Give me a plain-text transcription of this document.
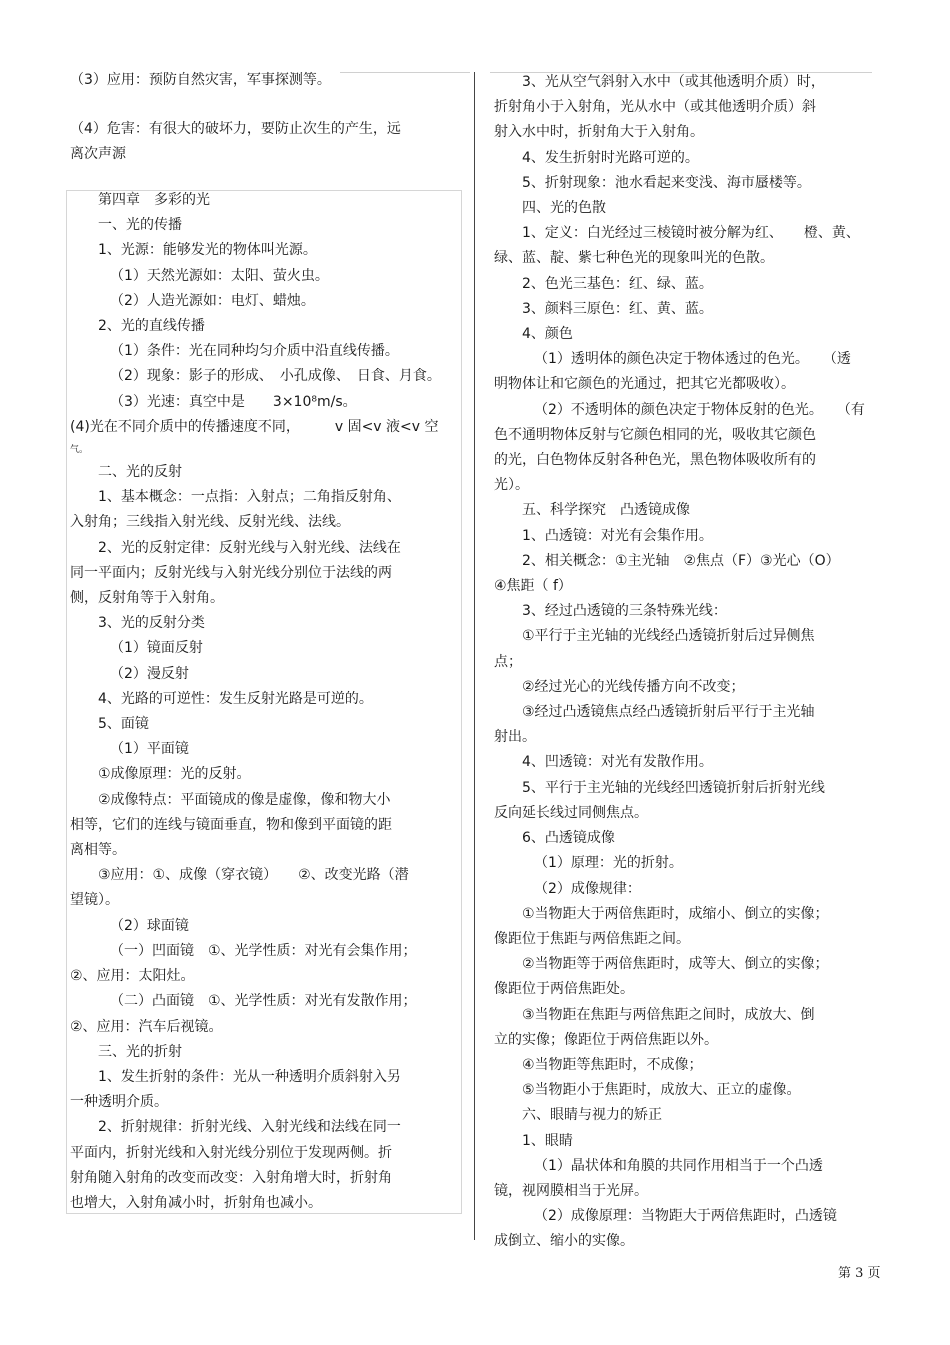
（3）应用：预防自然灾害，军事探测等。

（4）危害：有很大的破坏力，要防止次生的产生，远

离次声源

第四章　多彩的光

一、光的传播

1、光源：能够发光的物体叫光源。

（1）天然光源如：太阳、萤火虫。

（2）人造光源如：电灯、蜡烛。

2、光的直线传播

（1）条件：光在同种均匀介质中沿直线传播。

（2）现象：影子的形成、　小孔成像、　日食、月食。

（3）光速：真空中是　　3×10⁸m/s。

(4)光在不同介质中的传播速度不同，　　　v 固<v 液<v 空

气。

二、光的反射

1、基本概念：一点指：入射点；二角指反射角、

入射角；三线指入射光线、反射光线、法线。

2、光的反射定律：反射光线与入射光线、法线在

同一平面内；反射光线与入射光线分别位于法线的两

侧，反射角等于入射角。

3、光的反射分类

（1）镜面反射

（2）漫反射

4、光路的可逆性：发生反射光路是可逆的。

5、面镜

（1）平面镜

①成像原理：光的反射。

②成像特点：平面镜成的像是虚像，像和物大小

相等，它们的连线与镜面垂直，物和像到平面镜的距

离相等。

③应用：①、成像（穿衣镜）　　②、改变光路（潜

望镜）。

（2）球面镜

（一）凹面镜　①、光学性质：对光有会集作用；

②、应用：太阳灶。

（二）凸面镜　①、光学性质：对光有发散作用；

②、应用：汽车后视镜。

三、光的折射

1、发生折射的条件：光从一种透明介质斜射入另

一种透明介质。

2、折射规律：折射光线、入射光线和法线在同一

平面内，折射光线和入射光线分别位于发现两侧。折

射角随入射角的改变而改变：入射角增大时，折射角

也增大，入射角减小时，折射角也减小。

3、光从空气斜射入水中（或其他透明介质）时，

折射角小于入射角，光从水中（或其他透明介质）斜

射入水中时，折射角大于入射角。

4、发生折射时光路可逆的。

5、折射现象：池水看起来变浅、海市蜃楼等。

四、光的色散

1、定义：白光经过三棱镜时被分解为红、　　橙、黄、

绿、蓝、靛、紫七种色光的现象叫光的色散。

2、色光三基色：红、绿、蓝。

3、颜料三原色：红、黄、蓝。

4、颜色

（1）透明体的颜色决定于物体透过的色光。　　（透

明物体让和它颜色的光通过，把其它光都吸收）。

（2）不透明体的颜色决定于物体反射的色光。　　（有

色不通明物体反射与它颜色相同的光，吸收其它颜色

的光，白色物体反射各种色光，黑色物体吸收所有的

光）。

五、科学探究　凸透镜成像

1、凸透镜：对光有会集作用。

2、相关概念：①主光轴　②焦点（F）③光心（O）

④焦距（ f）

3、经过凸透镜的三条特殊光线：

①平行于主光轴的光线经凸透镜折射后过异侧焦

点；

②经过光心的光线传播方向不改变；

③经过凸透镜焦点经凸透镜折射后平行于主光轴

射出。

4、凹透镜：对光有发散作用。

5、平行于主光轴的光线经凹透镜折射后折射光线

反向延长线过同侧焦点。

6、凸透镜成像

（1）原理：光的折射。

（2）成像规律：

①当物距大于两倍焦距时，成缩小、倒立的实像；

像距位于焦距与两倍焦距之间。

②当物距等于两倍焦距时，成等大、倒立的实像；

像距位于两倍焦距处。

③当物距在焦距与两倍焦距之间时，成放大、倒

立的实像；像距位于两倍焦距以外。

④当物距等焦距时，不成像；

⑤当物距小于焦距时，成放大、正立的虚像。

六、眼睛与视力的矫正

1、眼睛

（1）晶状体和角膜的共同作用相当于一个凸透

镜，视网膜相当于光屏。

（2）成像原理：当物距大于两倍焦距时，凸透镜

成倒立、缩小的实像。

第 3 页
